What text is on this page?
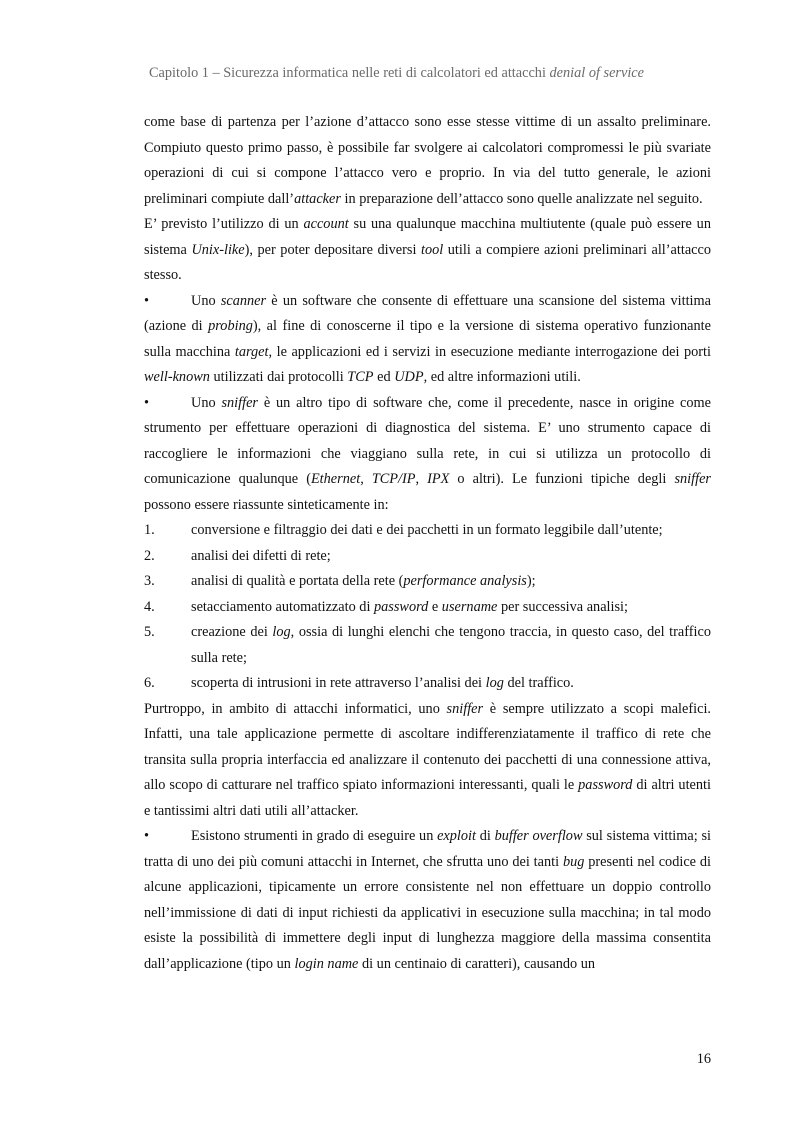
Capitolo 1 – Sicurezza informatica nelle reti di calcolatori ed attacchi denial of service

come base di partenza per l’azione d’attacco sono esse stesse vittime di un assalto preliminare. Compiuto questo primo passo, è possibile far svolgere ai calcolatori compromessi le più svariate operazioni di cui si compone l’attacco vero e proprio. In via del tutto generale, le azioni preliminari compiute dall’attacker in preparazione dell’attacco sono quelle analizzate nel seguito.

E’ previsto l’utilizzo di un account su una qualunque macchina multiutente (quale può essere un sistema Unix-like), per poter depositare diversi tool utili a compiere azioni preliminari all’attacco stesso.

•	Uno scanner è un software che consente di effettuare una scansione del sistema vittima (azione di probing), al fine di conoscerne il tipo e la versione di sistema operativo funzionante sulla macchina target, le applicazioni ed i servizi in esecuzione mediante interrogazione dei porti well-known utilizzati dai protocolli TCP ed UDP, ed altre informazioni utili.

•	Uno sniffer è un altro tipo di software che, come il precedente, nasce in origine come strumento per effettuare operazioni di diagnostica del sistema. E’ uno strumento capace di raccogliere le informazioni che viaggiano sulla rete, in cui si utilizza un protocollo di comunicazione qualunque (Ethernet, TCP/IP, IPX o altri). Le funzioni tipiche degli sniffer possono essere riassunte sinteticamente in:

1.	conversione e filtraggio dei dati e dei pacchetti in un formato leggibile dall’utente;
2.	analisi dei difetti di rete;
3.	analisi di qualità e portata della rete (performance analysis);
4.	setacciamento automatizzato di password e username per successiva analisi;
5.	creazione dei log, ossia di lunghi elenchi che tengono traccia, in questo caso, del traffico sulla rete;
6.	scoperta di intrusioni in rete attraverso l’analisi dei log del traffico.

Purtroppo, in ambito di attacchi informatici, uno sniffer è sempre utilizzato a scopi malefici. Infatti, una tale applicazione permette di ascoltare indifferenziatamente il traffico di rete che transita sulla propria interfaccia ed analizzare il contenuto dei pacchetti di una connessione attiva, allo scopo di catturare nel traffico spiato informazioni interessanti, quali le password di altri utenti e tantissimi altri dati utili all’attacker.

•	Esistono strumenti in grado di eseguire un exploit di buffer overflow sul sistema vittima; si tratta di uno dei più comuni attacchi in Internet, che sfrutta uno dei tanti bug presenti nel codice di alcune applicazioni, tipicamente un errore consistente nel non effettuare un doppio controllo nell’immissione di dati di input richiesti da applicativi in esecuzione sulla macchina; in tal modo esiste la possibilità di immettere degli input di lunghezza maggiore della massima consentita dall’applicazione (tipo un login name di un centinaio di caratteri), causando un

16
